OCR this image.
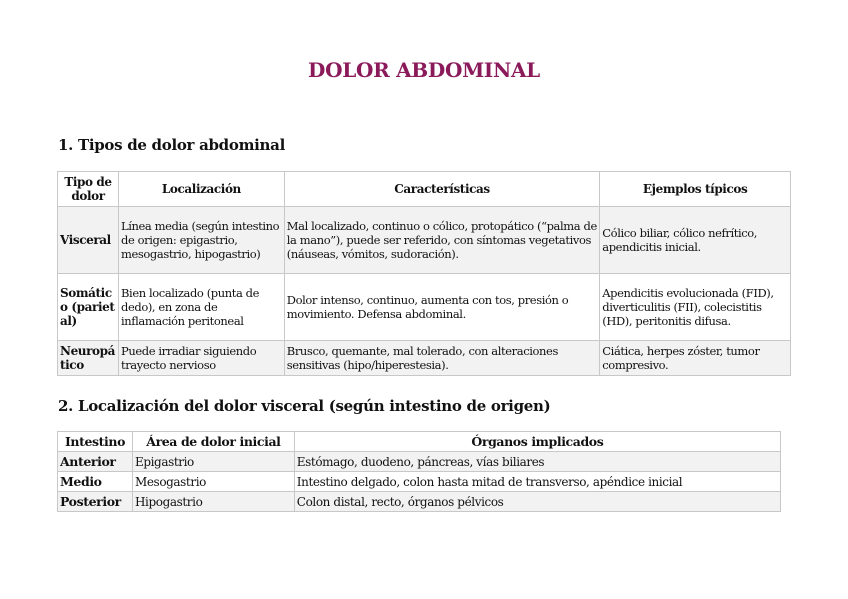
DOLOR ABDOMINAL
1. Tipos de dolor abdominal
Tipo de dolor	Localización	Características	Ejemplos típicos
Visceral	Línea media (según intestino de origen: epigastrio, mesogastrio, hipogastrio)	Mal localizado, continuo o cólico, protopático (“palma de la mano”), puede ser referido, con síntomas vegetativos (náuseas, vómitos, sudoración).	Cólico biliar, cólico nefrítico, apendicitis inicial.
Somático (parietal)	Bien localizado (punta de dedo), en zona de inflamación peritoneal	Dolor intenso, continuo, aumenta con tos, presión o movimiento. Defensa abdominal.	Apendicitis evolucionada (FID), diverticulitis (FII), colecistitis (HD), peritonitis difusa.
Neuropático	Puede irradiar siguiendo trayecto nervioso	Brusco, quemante, mal tolerado, con alteraciones sensitivas (hipo/hiperestesia).	Ciática, herpes zóster, tumor compresivo.
2. Localización del dolor visceral (según intestino de origen)
Intestino	Área de dolor inicial	Órganos implicados
Anterior	Epigastrio	Estómago, duodeno, páncreas, vías biliares
Medio	Mesogastrio	Intestino delgado, colon hasta mitad de transverso, apéndice inicial
Posterior	Hipogastrio	Colon distal, recto, órganos pélvicos
